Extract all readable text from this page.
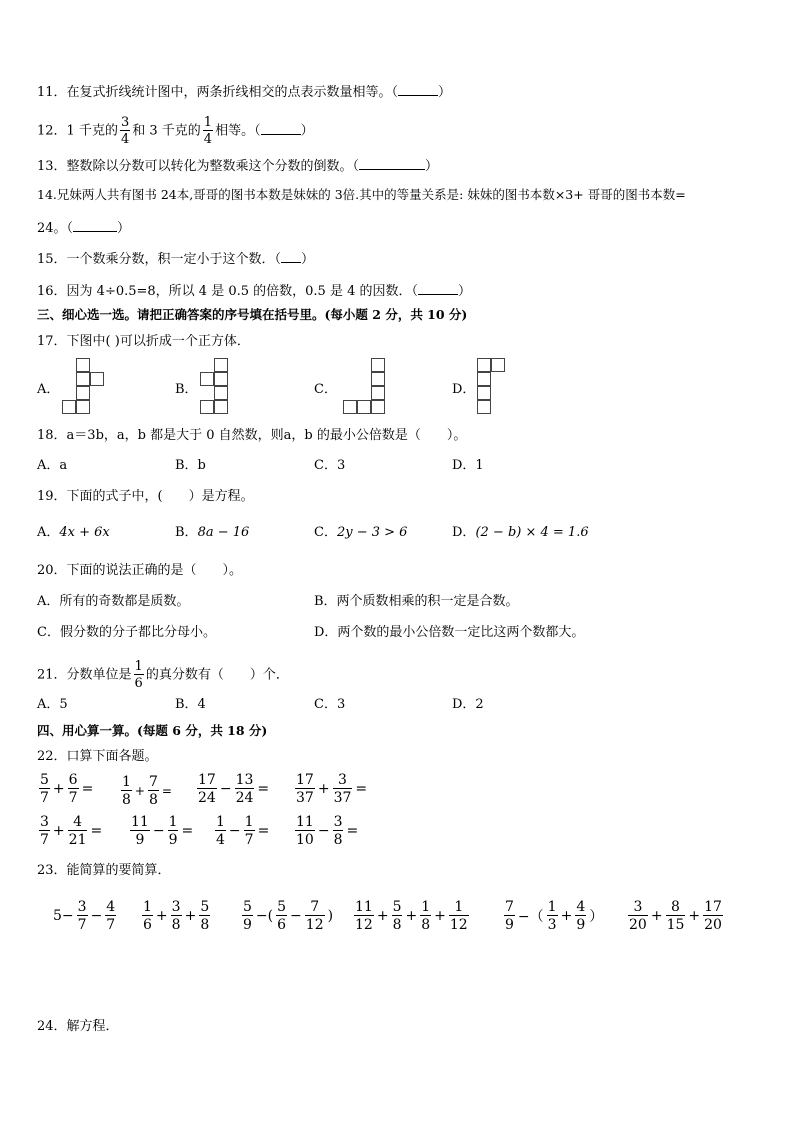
11．在复式折线统计图中，两条折线相交的点表示数量相等。（	）
12．1 千克的 $\frac{3}{4}$ 和 3 千克的 $\frac{1}{4}$ 相等。（	）
13．整数除以分数可以转化为整数乘这个分数的倒数。（	）
14.兄妹两人共有图书 24本,哥哥的图书本数是妹妹的 3倍.其中的等量关系是: 妹妹的图书本数×3+ 哥哥的图书本数=
24。（	）
15．一个数乘分数，积一定小于这个数．（ ）
16．因为 4÷0.5=8，所以 4 是 0.5 的倍数，0.5 是 4 的因数．（	）
三、细心选一选。请把正确答案的序号填在括号里。(每小题 2 分，共 10 分)
17．下图中( )可以折成一个正方体．
A．	B．	C．	D．
18．a＝3b，a，b 都是大于 0 自然数，则a，b 的最小公倍数是（　　）。
A．a	B．b	C．3	D．1
19．下面的式子中，(　　）是方程。
A．4x + 6x	B．8a − 16	C．2y − 3 > 6	D．(2 − b) × 4 = 1.6
20．下面的说法正确的是（　　）。
A．所有的奇数都是质数。	B．两个质数相乘的积一定是合数。
C．假分数的分子都比分母小。	D．两个数的最小公倍数一定比这两个数都大。
21．分数单位是 $\frac{1}{6}$ 的真分数有（　　）个．
A．5	B．4	C．3	D．2
四、用心算一算。(每题 6 分，共 18 分)
22．口算下面各题。
$\frac{5}{7} + \frac{6}{7} = \frac{1}{8} + \frac{7}{8} = \frac{17}{24} - \frac{13}{24} = \frac{17}{37} + \frac{3}{37}$ =
$\frac{3}{7} + \frac{4}{21} = \frac{11}{9} - \frac{1}{9} = \frac{1}{4} - \frac{1}{7} = \frac{11}{10} - \frac{3}{8}$ =
23．能简算的要简算．
$5- \frac{3}{7} - \frac{4}{7} \frac{1}{6} + \frac{3}{8} + \frac{5}{8} \frac{5}{9}$ −( $\frac{5}{6} - \frac{7}{12}$ ) $\frac{11}{12} + \frac{5}{8} + \frac{1}{8} + \frac{1}{12}$	$\frac{7}{9}$ −（ $\frac{1}{3} + \frac{4}{9}$ ） $\frac{3}{20} + \frac{8}{15} + \frac{17}{20}$
24．解方程．
